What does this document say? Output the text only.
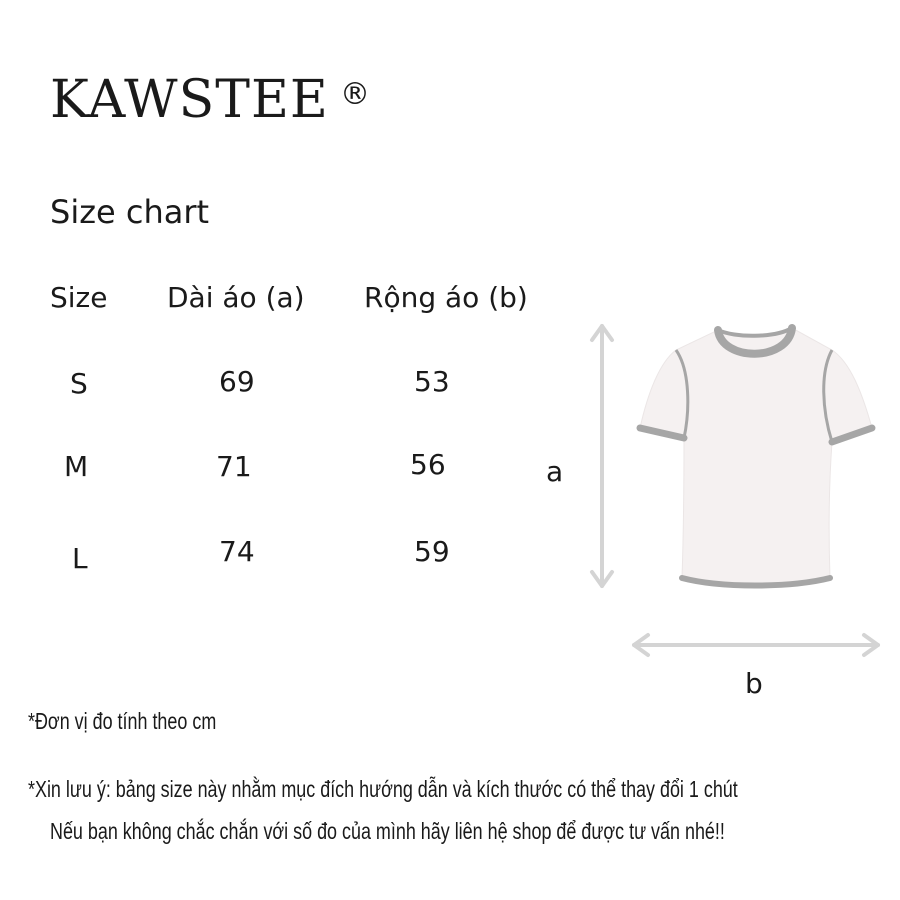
KAWSTEE ®
Size chart
Size Dài áo (a) Rộng áo (b)
S	69	53
M	71	56
L	74	59
a
b
*Đơn vị đo tính theo cm
*Xin lưu ý: bảng size này nhằm mục đích hướng dẫn và kích thước có thể thay đổi 1 chút
Nếu bạn không chắc chắn với số đo của mình hãy liên hệ shop để được tư vấn nhé!!
